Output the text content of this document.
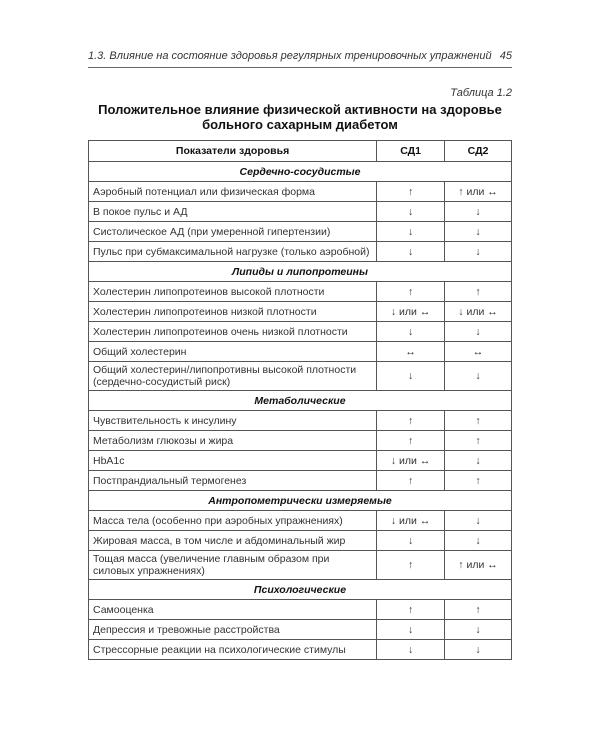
1.3. Влияние на состояние здоровья регулярных тренировочных упражнений 45
Таблица 1.2
Положительное влияние физической активности на здоровье
больного сахарным диабетом
Показатели здоровья	СД1	СД2
Сердечно-сосудистые		
Аэробный потенциал или физическая форма	↑	↑ или ↔
В покое пульс и АД	↓	↓
Систолическое АД (при умеренной гипертензии)	↓	↓
Пульс при субмаксимальной нагрузке (только аэробной)	↓	↓
Липиды и липопротеины		
Холестерин липопротеинов высокой плотности	↑	↑
Холестерин липопротеинов низкой плотности	↓ или ↔	↓ или ↔
Холестерин липопротеинов очень низкой плотности	↓	↓
Общий холестерин	↔	↔
Общий холестерин/липопротивны высокой плотности (сердечно-сосудистый риск)	↓	↓
Метаболические		
Чувствительность к инсулину	↑	↑
Метаболизм глюкозы и жира	↑	↑
HbA1c	↓ или ↔	↓
Постпрандиальный термогенез	↑	↑
Антропометрически измеряемые		
Масса тела (особенно при аэробных упражнениях)	↓ или ↔	↓
Жировая масса, в том числе и абдоминальный жир	↓	↓
Тощая масса (увеличение главным образом при силовых упражнениях)	↑	↑ или ↔
Психологические		
Самооценка	↑	↑
Депрессия и тревожные расстройства	↓	↓
Стрессорные реакции на психологические стимулы	↓	↓
